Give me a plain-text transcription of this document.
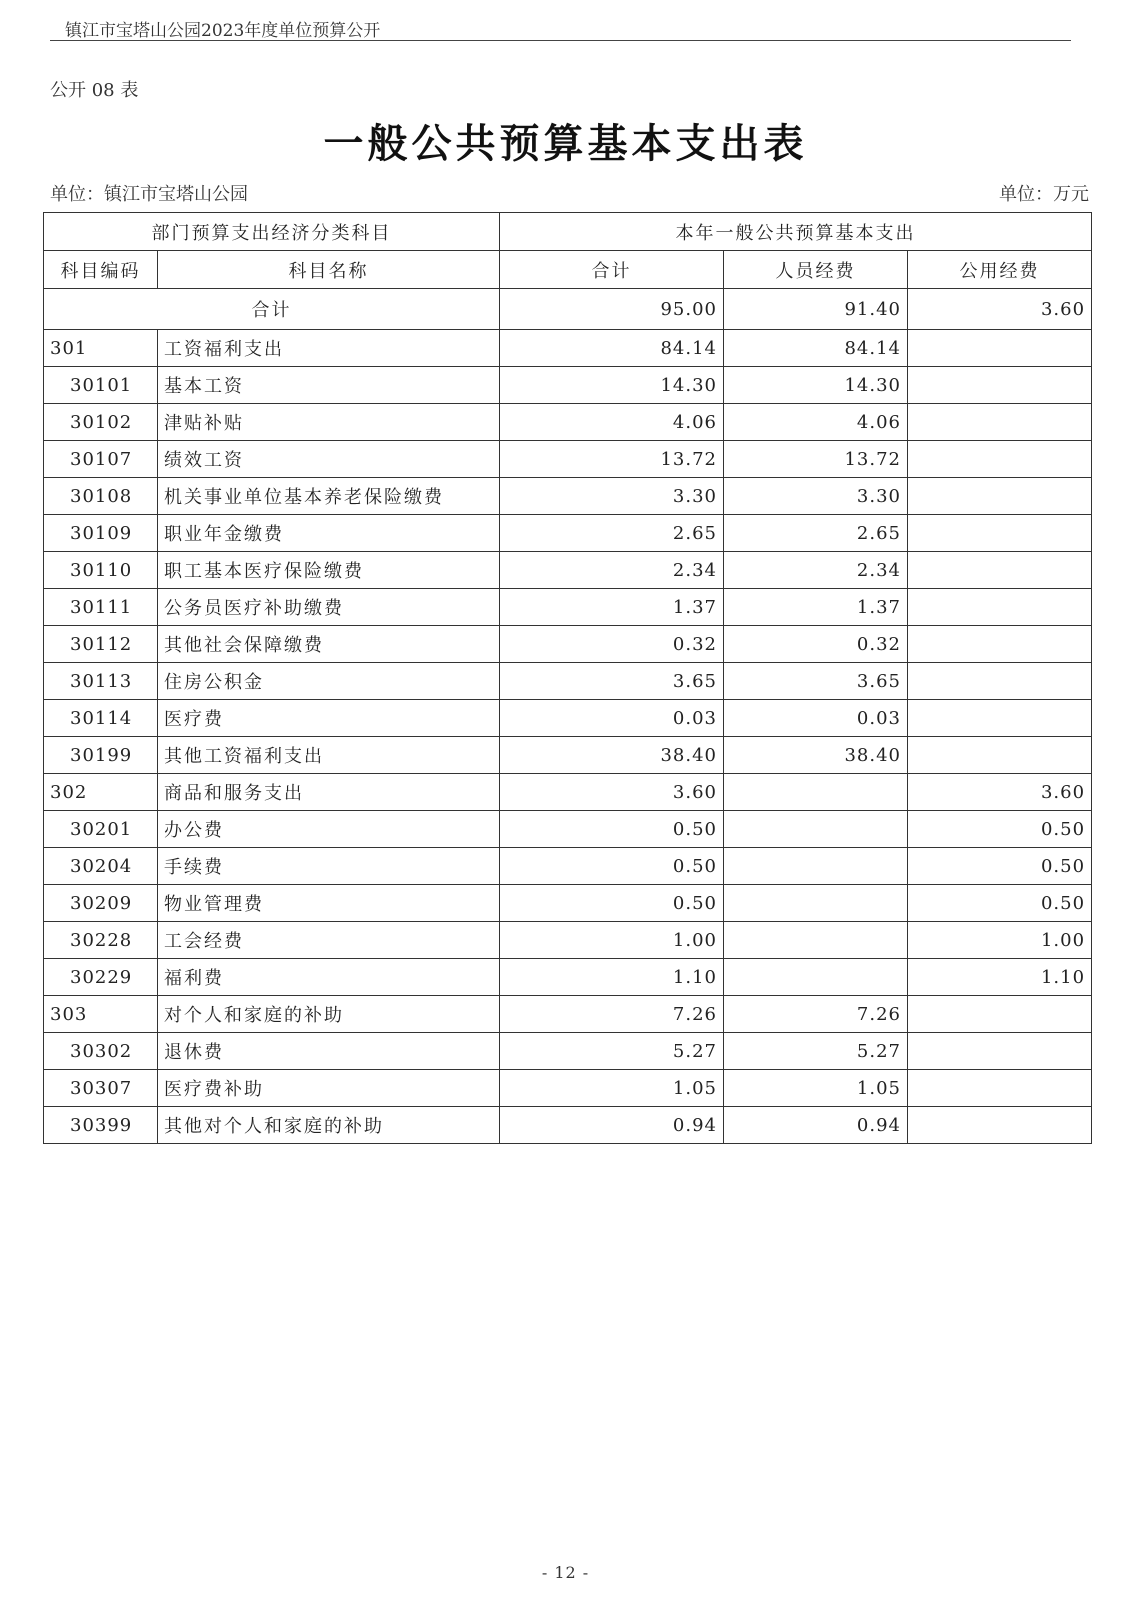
镇江市宝塔山公园2023年度单位预算公开
公开 08 表
一般公共预算基本支出表
单位：镇江市宝塔山公园	单位：万元
部门预算支出经济分类科目		本年一般公共预算基本支出		
科目编码	科目名称	合计	人员经费	公用经费
合计		95.00	91.40	3.60
301	工资福利支出	84.14	84.14	
30101	基本工资	14.30	14.30	
30102	津贴补贴	4.06	4.06	
30107	绩效工资	13.72	13.72	
30108	机关事业单位基本养老保险缴费	3.30	3.30	
30109	职业年金缴费	2.65	2.65	
30110	职工基本医疗保险缴费	2.34	2.34	
30111	公务员医疗补助缴费	1.37	1.37	
30112	其他社会保障缴费	0.32	0.32	
30113	住房公积金	3.65	3.65	
30114	医疗费	0.03	0.03	
30199	其他工资福利支出	38.40	38.40	
302	商品和服务支出	3.60		3.60
30201	办公费	0.50		0.50
30204	手续费	0.50		0.50
30209	物业管理费	0.50		0.50
30228	工会经费	1.00		1.00
30229	福利费	1.10		1.10
303	对个人和家庭的补助	7.26	7.26	
30302	退休费	5.27	5.27	
30307	医疗费补助	1.05	1.05	
30399	其他对个人和家庭的补助	0.94	0.94	
- 12 -
